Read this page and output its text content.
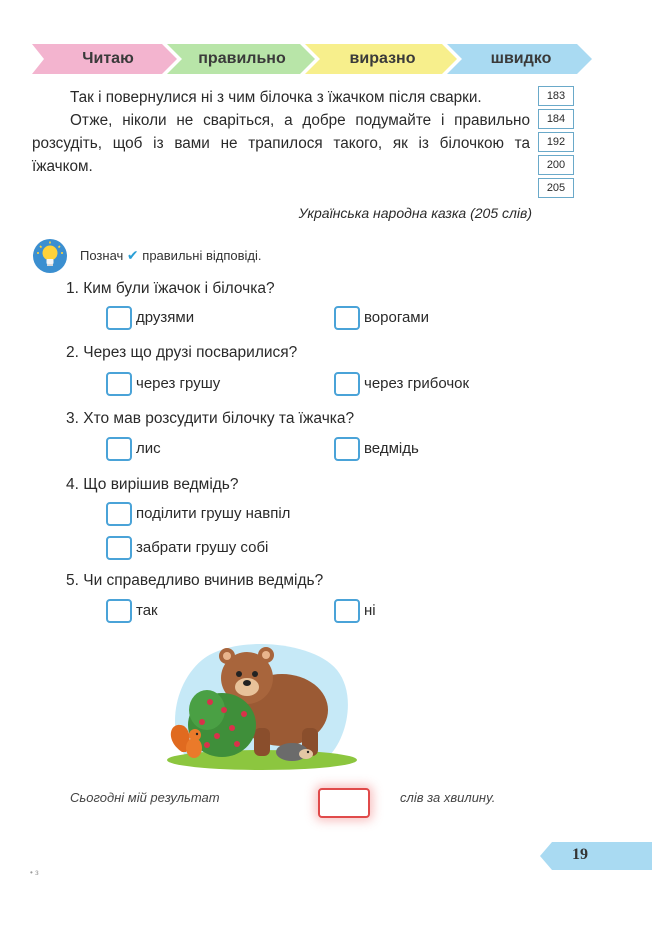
Читаю	правильно	виразно	швидко

Так і повернулися ні з чим білочка з їжачком після сварки.

Отже, ніколи не сваріться, а добре подумайте і правильно розсудіть, щоб із вами не трапилося такого, як із білочкою та їжачком.

183
184
192
200
205
Українська народна казка (205 слів)
Познач ✔ правильні відповіді.
1. Ким були їжачок і білочка?
друзями	ворогами
2. Через що друзі посварилися?
через грушу	через грибочок
3. Хто мав розсудити білочку та їжачка?
лис	ведмідь
4. Що вирішив ведмідь?
поділити грушу навпіл
забрати грушу собі
5. Чи справедливо вчинив ведмідь?
так	ні
Сьогодні мій результат	слів за хвилину.
19
• з
